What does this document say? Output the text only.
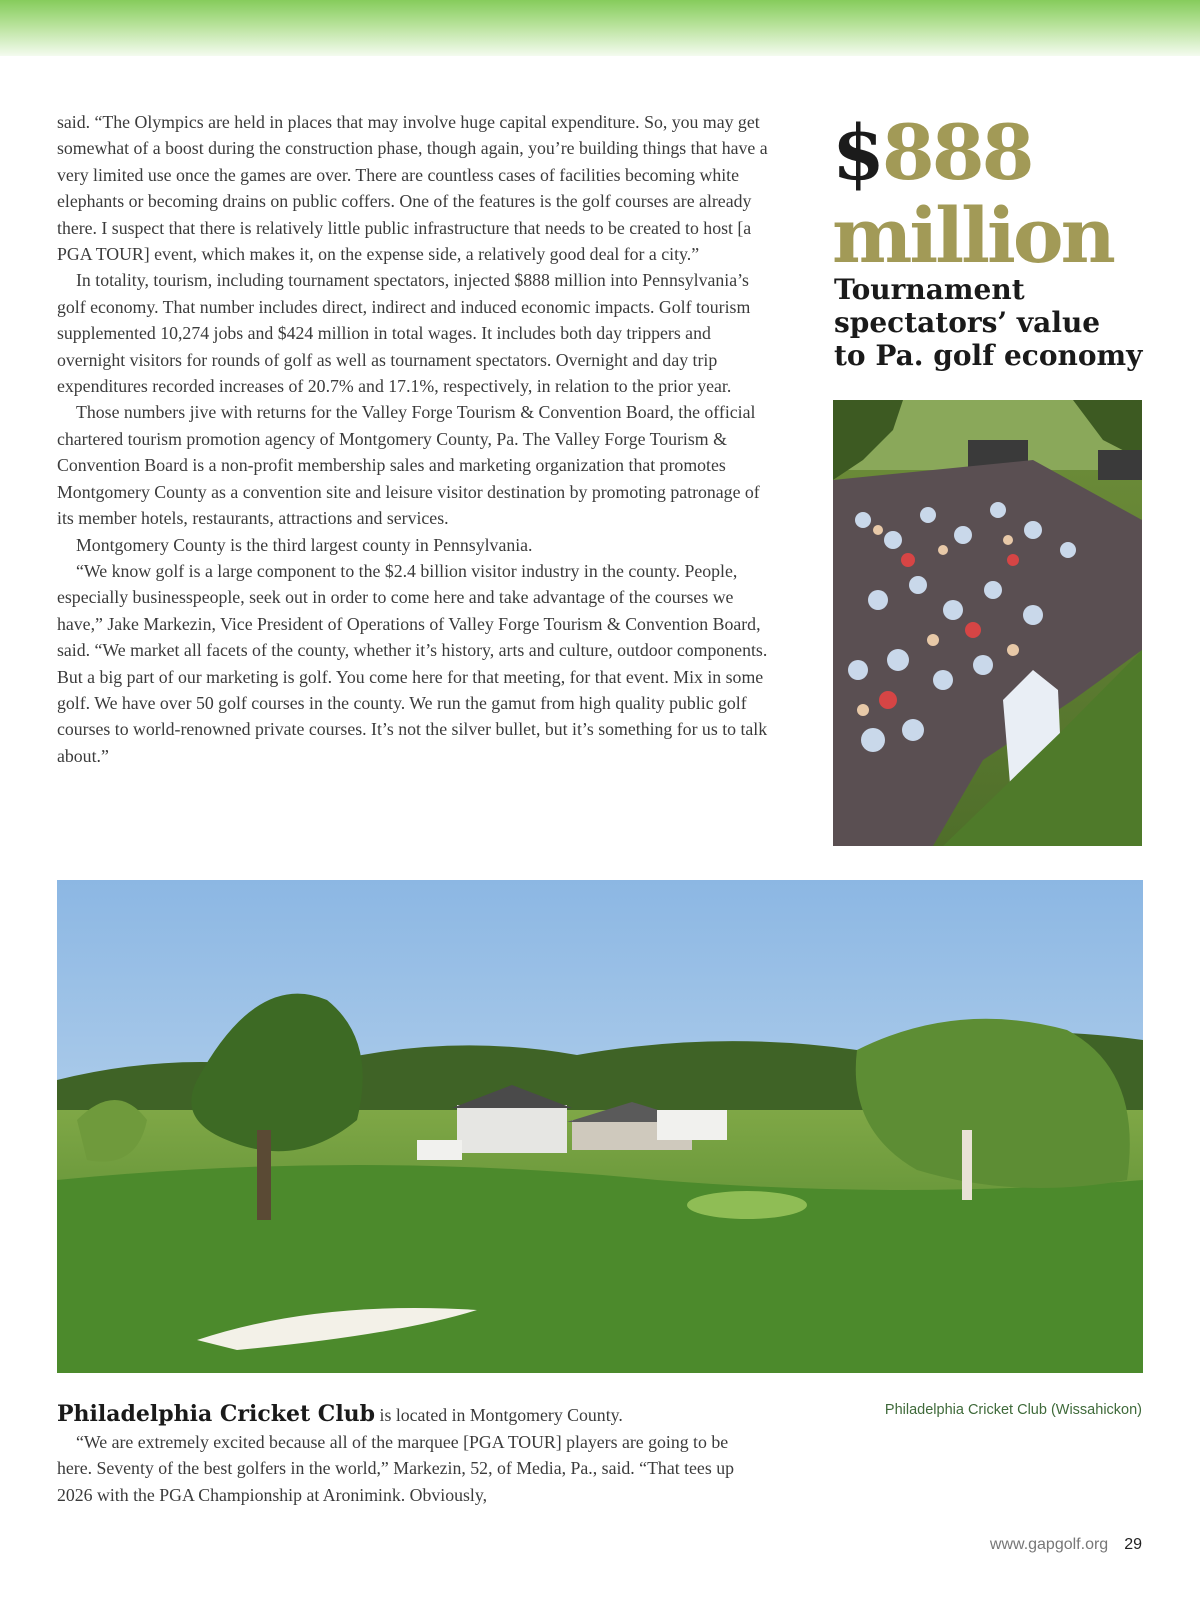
said. “The Olympics are held in places that may involve huge capital expenditure. So, you may get somewhat of a boost during the construction phase, though again, you’re building things that have a very limited use once the games are over. There are countless cases of facilities becoming white elephants or becoming drains on public coffers. One of the features is the golf courses are already there. I suspect that there is relatively little public infrastructure that needs to be created to host [a PGA TOUR] event, which makes it, on the expense side, a relatively good deal for a city.”

In totality, tourism, including tournament spectators, injected $888 million into Pennsylvania’s golf economy. That number includes direct, indirect and induced economic impacts. Golf tourism supplemented 10,274 jobs and $424 million in total wages. It includes both day trippers and overnight visitors for rounds of golf as well as tournament spectators. Overnight and day trip expenditures recorded increases of 20.7% and 17.1%, respectively, in relation to the prior year.

Those numbers jive with returns for the Valley Forge Tourism & Convention Board, the official chartered tourism promotion agency of Montgomery County, Pa. The Valley Forge Tourism & Convention Board is a non-profit membership sales and marketing organization that promotes Montgomery County as a convention site and leisure visitor destination by promoting patronage of its member hotels, restaurants, attractions and services.

Montgomery County is the third largest county in Pennsylvania.

“We know golf is a large component to the $2.4 billion visitor industry in the county. People, especially businesspeople, seek out in order to come here and take advantage of the courses we have,” Jake Markezin, Vice President of Operations of Valley Forge Tourism & Convention Board, said. “We market all facets of the county, whether it’s history, arts and culture, outdoor components. But a big part of our marketing is golf. You come here for that meeting, for that event. Mix in some golf. We have over 50 golf courses in the county. We run the gamut from high quality public golf courses to world-renowned private courses. It’s not the silver bullet, but it’s something for us to talk about.”

$888
million
Tournament
spectators’ value
to Pa. golf economy
Philadelphia Cricket Club (Wissahickon)

Philadelphia Cricket Club is located in Montgomery County.

“We are extremely excited because all of the marquee [PGA TOUR] players are going to be here. Seventy of the best golfers in the world,” Markezin, 52, of Media, Pa., said. “That tees up 2026 with the PGA Championship at Aronimink. Obviously,

www.gapgolf.org 29
